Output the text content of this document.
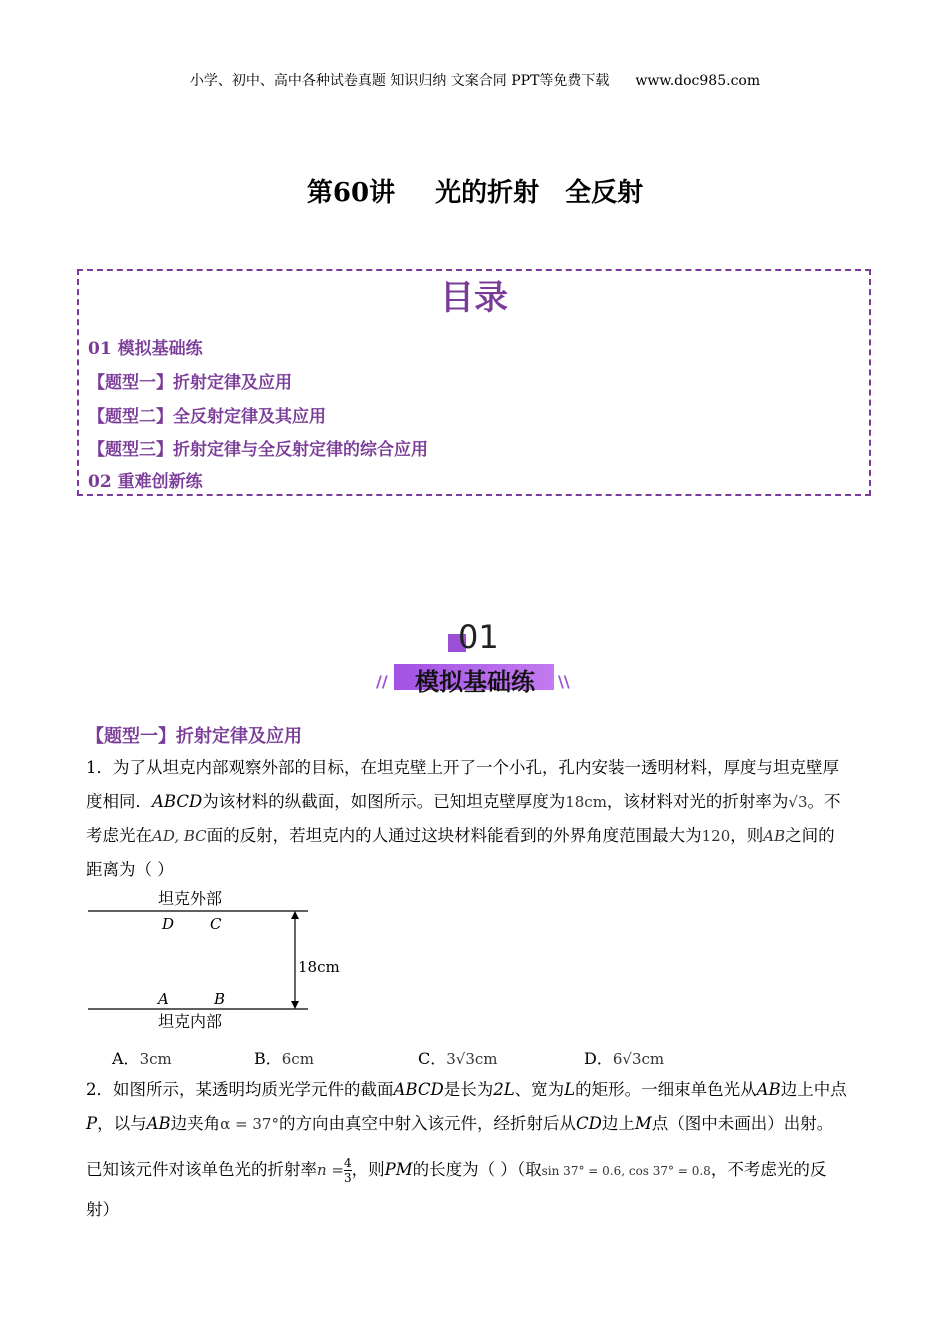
小学、初中、高中各种试卷真题 知识归纳 文案合同 PPT等免费下载 www.doc985.com
第60讲 光的折射 全反射
目录
01 模拟基础练
【题型一】折射定律及应用
【题型二】全反射定律及其应用
【题型三】折射定律与全反射定律的综合应用
02 重难创新练
01
模拟基础练
//	\\
【题型一】折射定律及应用
1．为了从坦克内部观察外部的目标，在坦克壁上开了一个小孔，孔内安装一透明材料，厚度与坦克壁厚
度相同．ABCD为该材料的纵截面，如图所示。已知坦克壁厚度为18cm，该材料对光的折射率为√3。不
考虑光在AD, BC面的反射，若坦克内的人通过这块材料能看到的外界角度范围最大为120，则AB之间的
距离为（ ）
坦克外部
D C
18cm
A	B
坦克内部
A．3cm	B．6cm	C．3√3cm	D．6√3cm
2．如图所示，某透明均质光学元件的截面ABCD是长为2L、宽为L的矩形。一细束单色光从AB边上中点
P，以与AB边夹角α = 37°的方向由真空中射入该元件，经折射后从CD边上M点（图中未画出）出射。
已知该元件对该单色光的折射率$n = \frac{4}{3}$ ，则PM的长度为（ ）（取sin 37° = 0.6, cos 37° = 0.8，不考虑光的反
射）
